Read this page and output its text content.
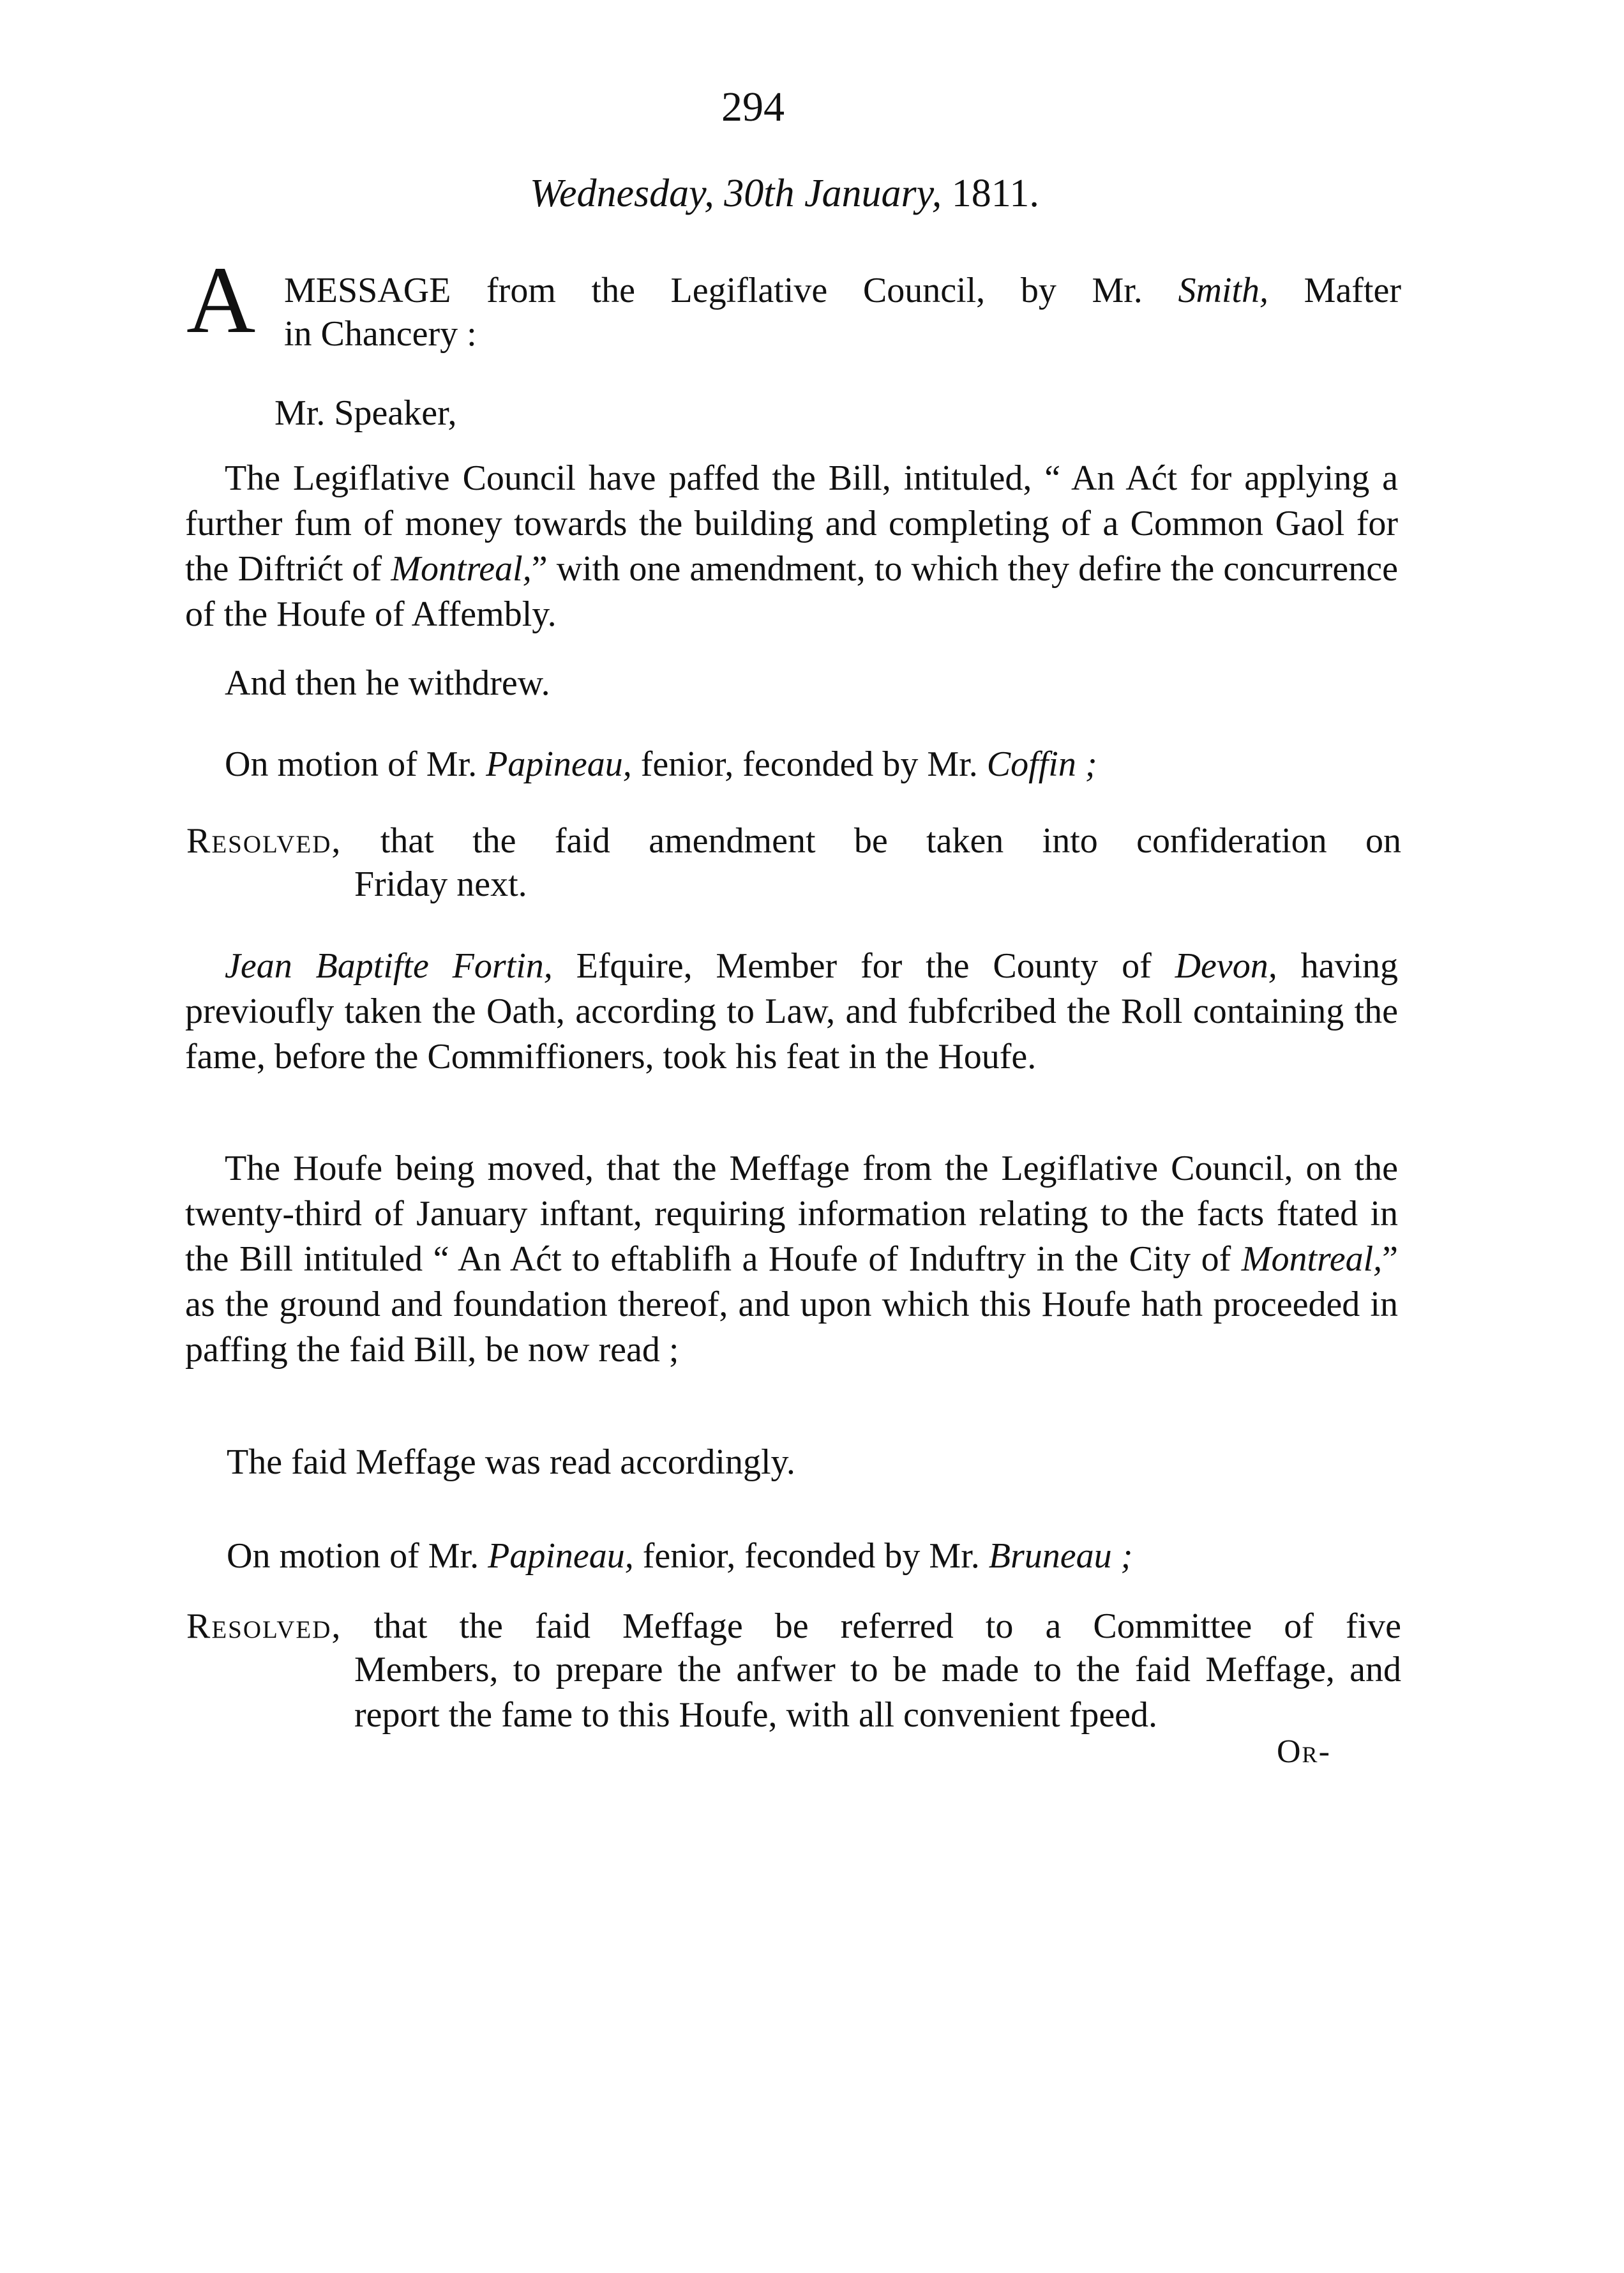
294
Wednesday, 30th January, 1811.
A MESSAGE from the Legiflative Council, by Mr. Smith, Mafter
in Chancery :
Mr. Speaker,
The Legiflative Council have paffed the Bill, intituled, “ An Aćt for applying a further fum of money towards the building and completing of a Common Gaol for the Diftrićt of Montreal,” with one amendment, to which they defire the concurrence of the Houfe of Affembly.
And then he withdrew.
On motion of Mr. Papineau, fenior, feconded by Mr. Coffin ;
Resolved, that the faid amendment be taken into confideration on
Friday next.
Jean Baptifte Fortin, Efquire, Member for the County of Devon, having previoufly taken the Oath, according to Law, and fubfcribed the Roll containing the fame, before the Commiffioners, took his feat in the Houfe.
The Houfe being moved, that the Meffage from the Legiflative Council, on the twenty-third of January inftant, requiring information relating to the facts ftated in the Bill intituled “ An Aćt to eftablifh a Houfe of Induftry in the City of Montreal,” as the ground and foundation thereof, and upon which this Houfe hath proceeded in paffing the faid Bill, be now read ;
The faid Meffage was read accordingly.
On motion of Mr. Papineau, fenior, feconded by Mr. Bruneau ;
Resolved, that the faid Meffage be referred to a Committee of five
Members, to prepare the anfwer to be made to the faid Meffage, and report the fame to this Houfe, with all convenient fpeed.
Or-
